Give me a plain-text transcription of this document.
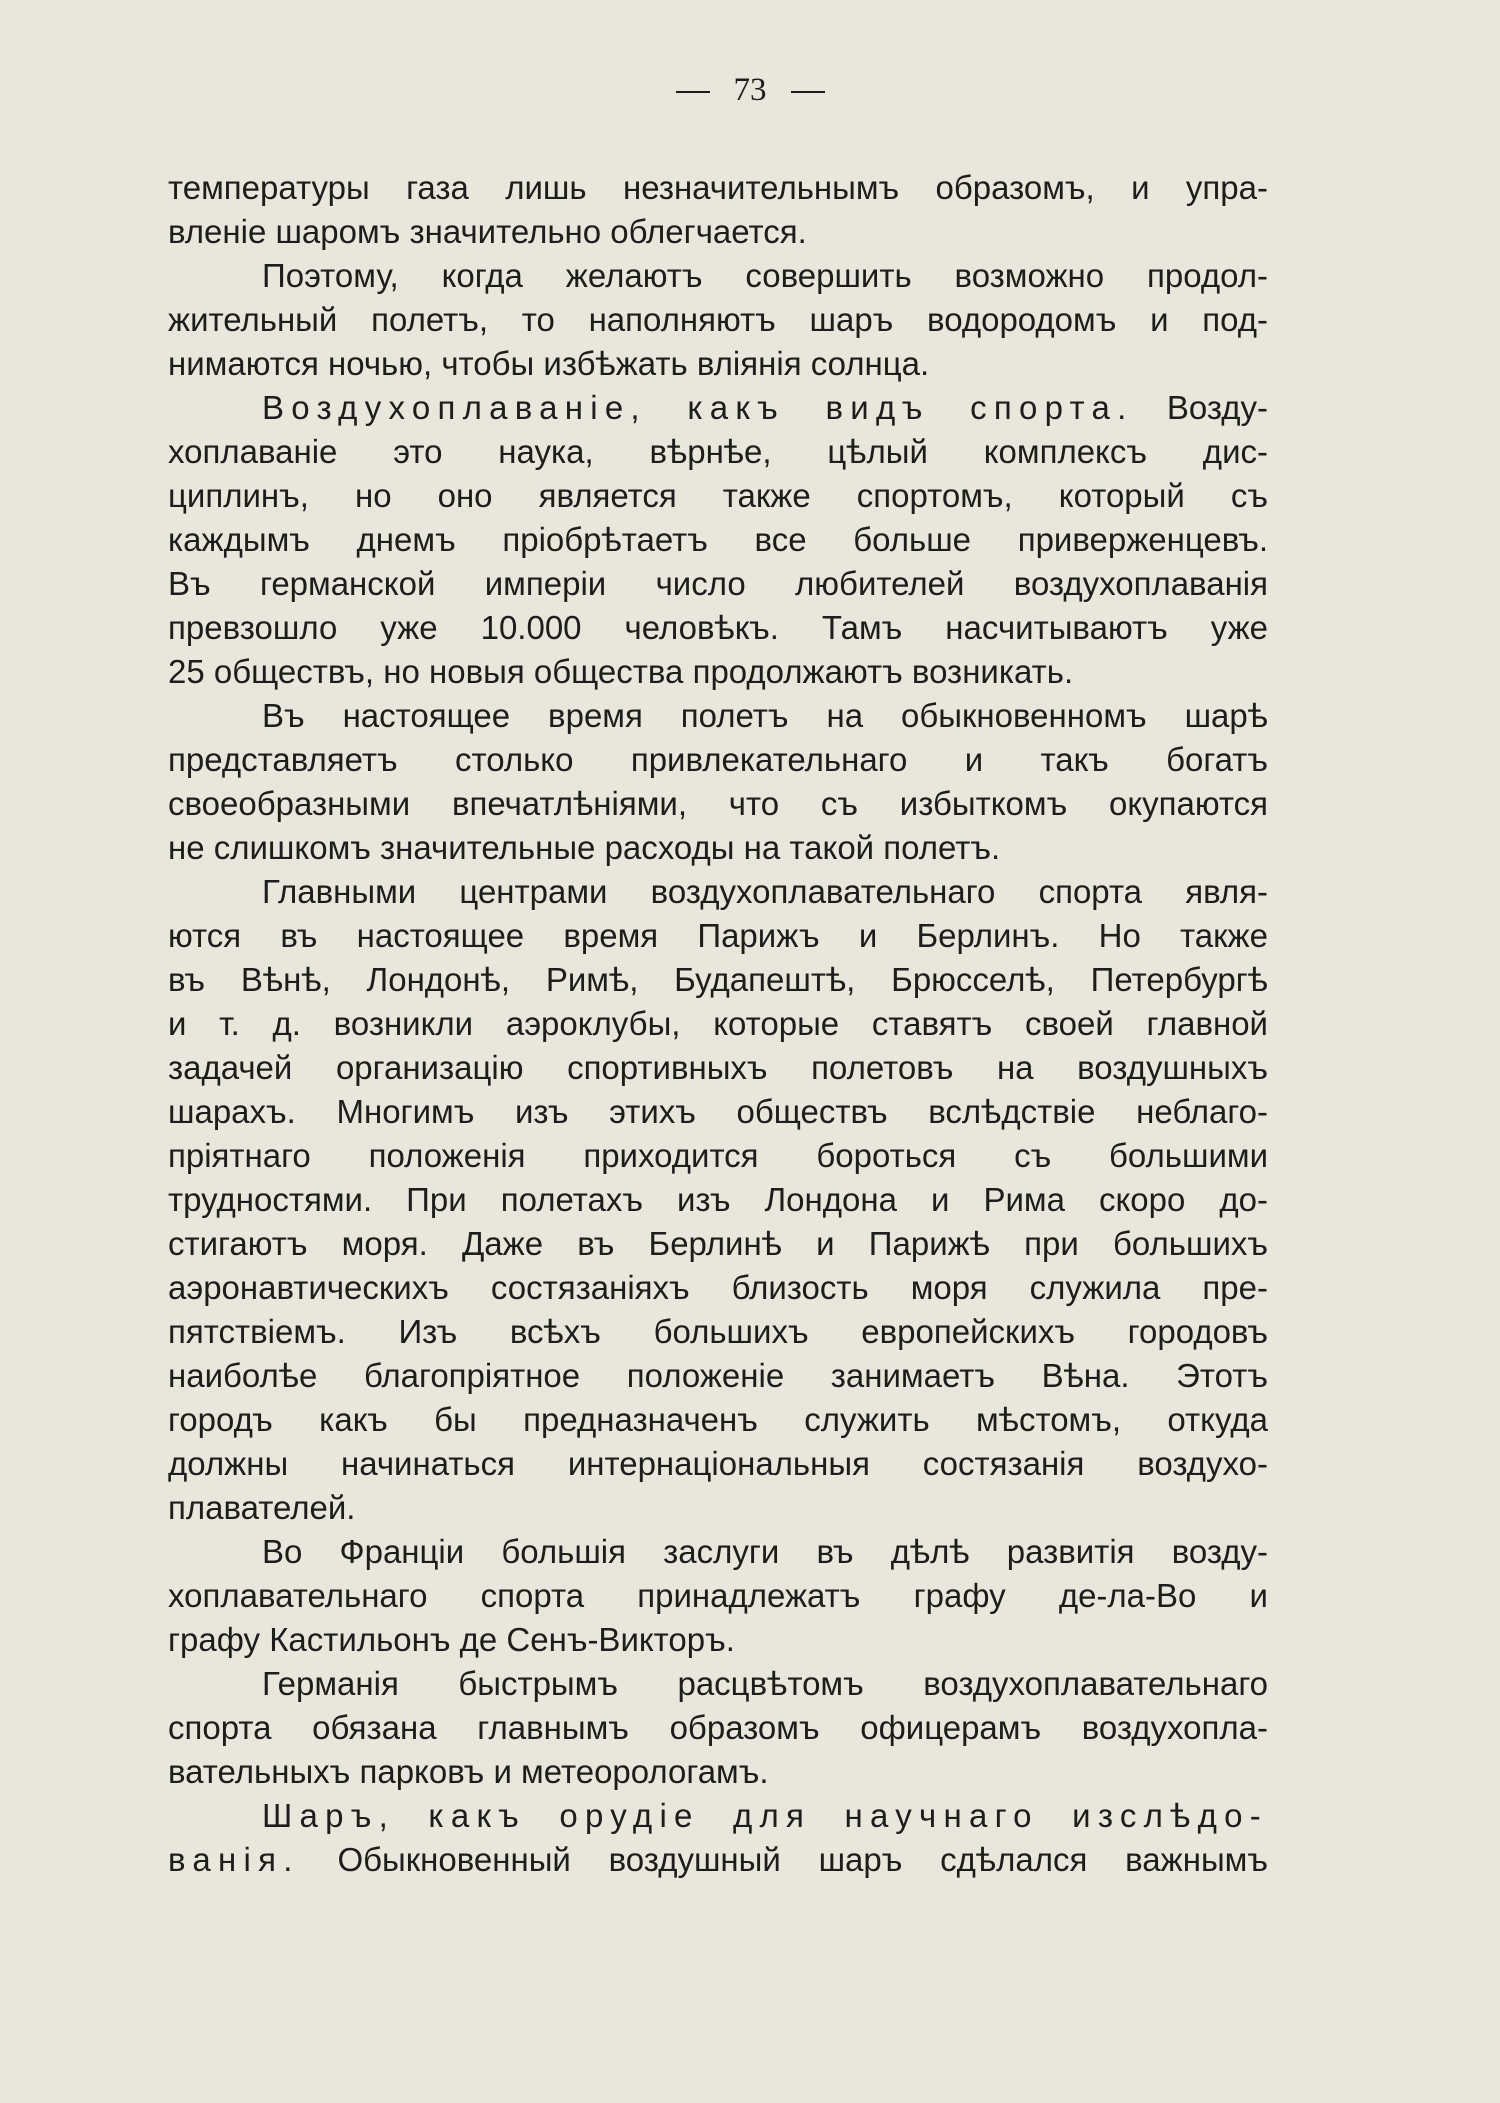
73
температуры газа лишь незначительнымъ образомъ, и упра-
вленіе шаромъ значительно облегчается.
Поэтому, когда желаютъ совершить возможно продол-
жительный полетъ, то наполняютъ шаръ водородомъ и под-
нимаются ночью, чтобы избѣжать вліянія солнца.
Воздухоплаваніе, какъ видъ спорта. Возду-
хоплаваніе это наука, вѣрнѣе, цѣлый комплексъ дис-
циплинъ, но оно является также спортомъ, который съ
каждымъ днемъ пріобрѣтаетъ все больше приверженцевъ.
Въ германской имперіи число любителей воздухоплаванія
превзошло уже 10.000 человѣкъ. Тамъ насчитываютъ уже
25 обществъ, но новыя общества продолжаютъ возникать.
Въ настоящее время полетъ на обыкновенномъ шарѣ
представляетъ столько привлекательнаго и такъ богатъ
своеобразными впечатлѣніями, что съ избыткомъ окупаются
не слишкомъ значительные расходы на такой полетъ.
Главными центрами воздухоплавательнаго спорта явля-
ются въ настоящее время Парижъ и Берлинъ. Но также
въ Вѣнѣ, Лондонѣ, Римѣ, Будапештѣ, Брюсселѣ, Петербургѣ
и т. д. возникли аэроклубы, которые ставятъ своей главной
задачей организацію спортивныхъ полетовъ на воздушныхъ
шарахъ. Многимъ изъ этихъ обществъ вслѣдствіе неблаго-
пріятнаго положенія приходится бороться съ большими
трудностями. При полетахъ изъ Лондона и Рима скоро до-
стигаютъ моря. Даже въ Берлинѣ и Парижѣ при большихъ
аэронавтическихъ состязаніяхъ близость моря служила пре-
пятствіемъ. Изъ всѣхъ большихъ европейскихъ городовъ
наиболѣе благопріятное положеніе занимаетъ Вѣна. Этотъ
городъ какъ бы предназначенъ служить мѣстомъ, откуда
должны начинаться интернаціональныя состязанія воздухо-
плавателей.
Во Франціи большія заслуги въ дѣлѣ развитія возду-
хоплавательнаго спорта принадлежатъ графу де-ла-Во и
графу Кастильонъ де Сенъ-Викторъ.
Германія быстрымъ расцвѣтомъ воздухоплавательнаго
спорта обязана главнымъ образомъ офицерамъ воздухопла-
вательныхъ парковъ и метеорологамъ.
Шаръ, какъ орудіе для научнаго изслѣдо-
ванія. Обыкновенный воздушный шаръ сдѣлался важнымъ
